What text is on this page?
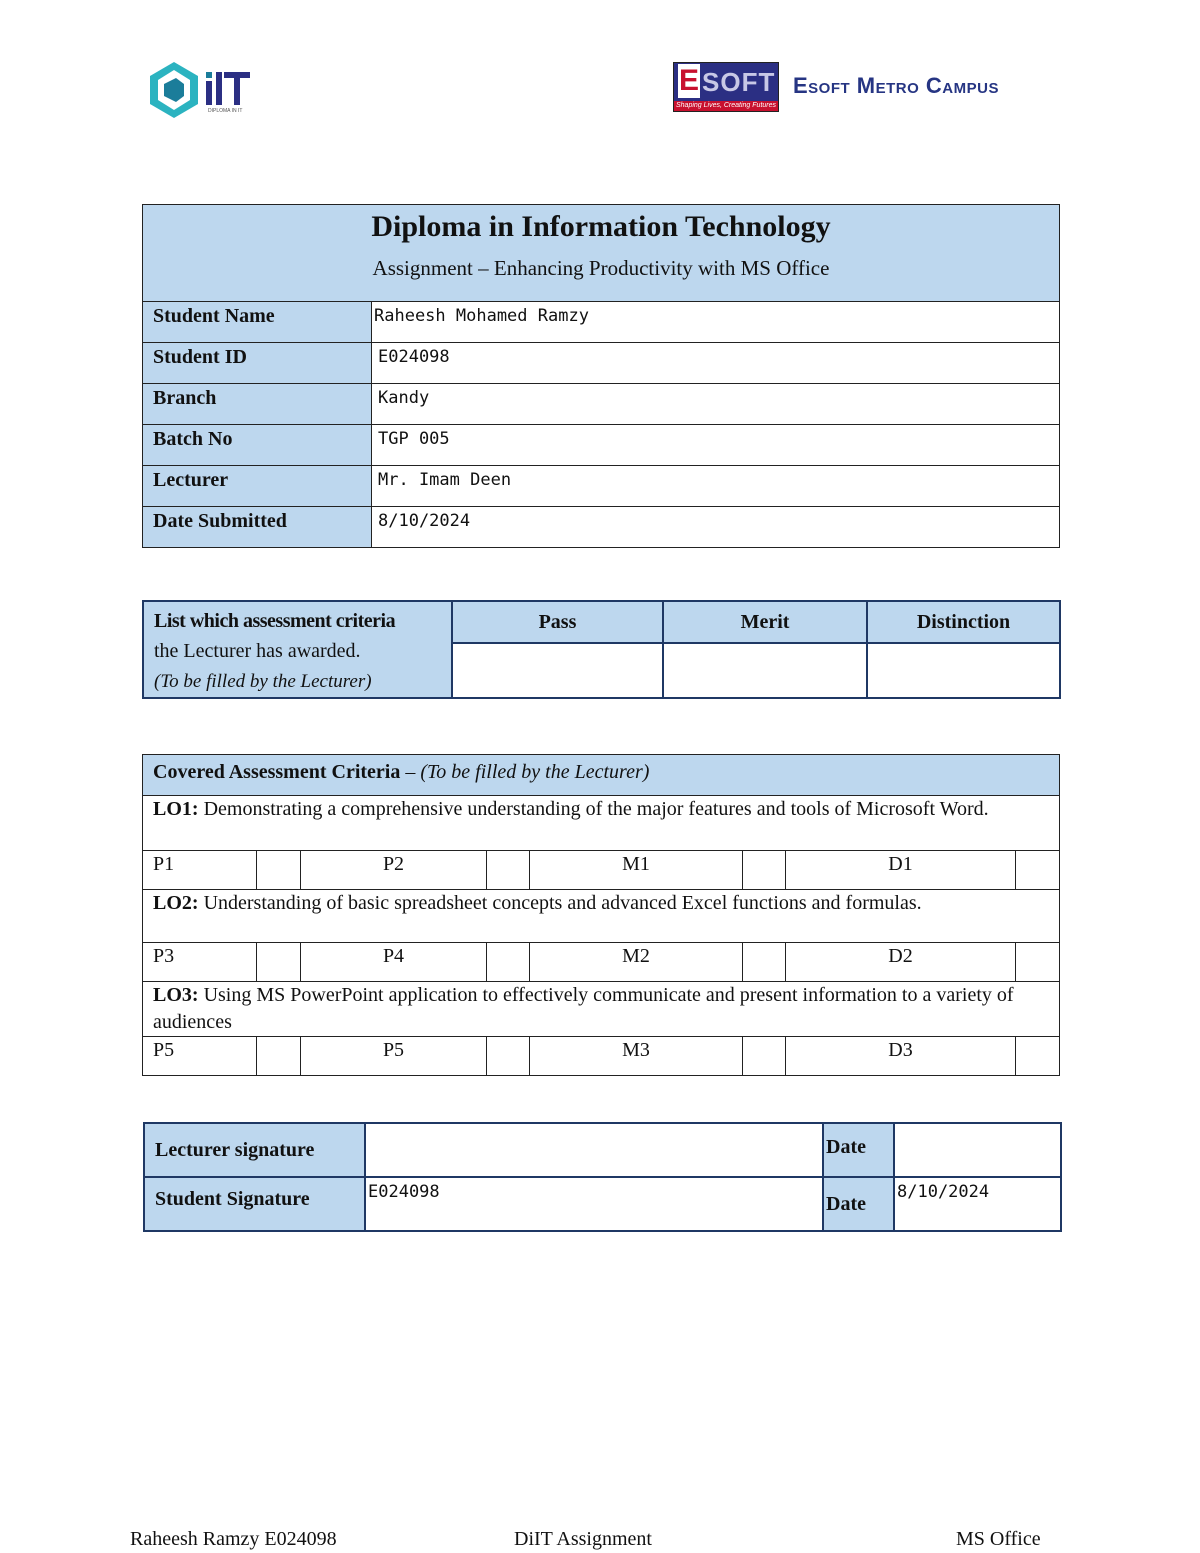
DIPLOMA IN IT
E SOFT
Shaping Lives, Creating Futures
Esoft Metro Campus
Diploma in Information Technology
Assignment – Enhancing Productivity with MS Office	

Student Name	Raheesh Mohamed Ramzy
Student ID	E024098
Branch	Kandy
Batch No	TGP 005
Lecturer	Mr. Imam Deen
Date Submitted	8/10/2024
List which assessment criteria
the Lecturer has awarded.
(To be filled by the Lecturer)	Pass	Merit	Distinction

Covered Assessment Criteria – (To be filled by the Lecturer)							
LO1: Demonstrating a comprehensive understanding of the major features and tools of Microsoft Word.							
P1		P2		M1		D1	
LO2: Understanding of basic spreadsheet concepts and advanced Excel functions and formulas.							
P3		P4		M2		D2	
LO3: Using MS PowerPoint application to effectively communicate and present information to a variety of audiences							
P5		P5		M3		D3	
Lecturer signature		Date	
Student Signature	E024098	Date	8/10/2024
Raheesh Ramzy E024098	DiIT Assignment	MS Office
